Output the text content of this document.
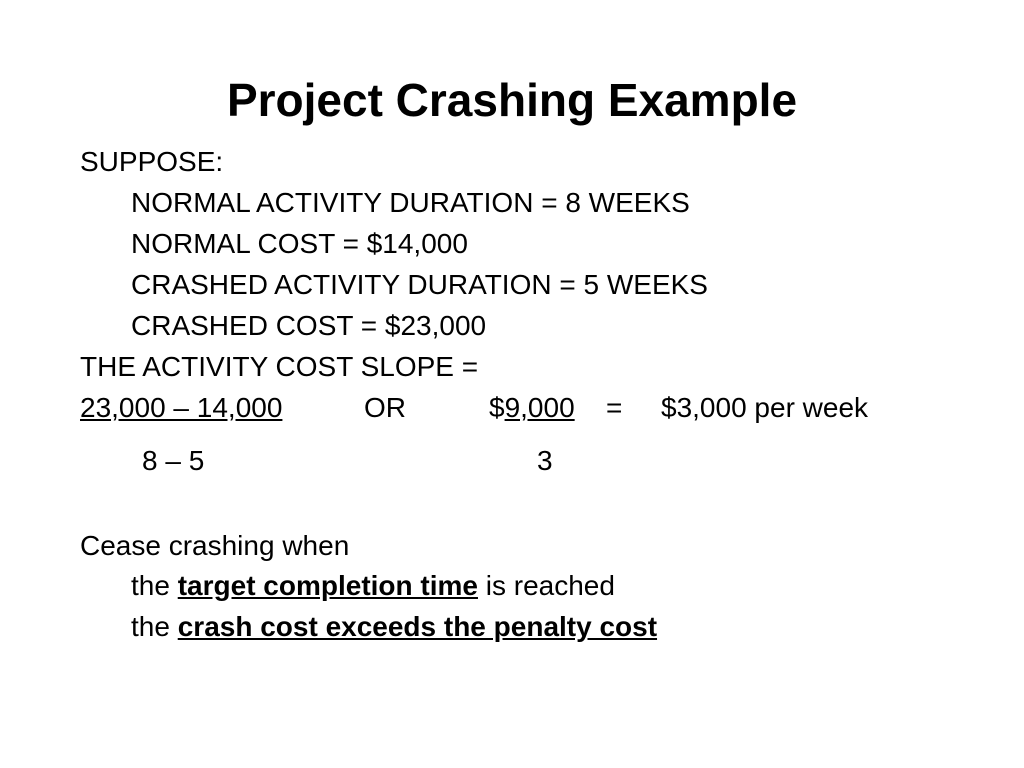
Project Crashing Example
SUPPOSE:
NORMAL ACTIVITY DURATION = 8 WEEKS
NORMAL COST = $14,000
CRASHED ACTIVITY DURATION = 5 WEEKS
CRASHED COST = $23,000
THE ACTIVITY COST SLOPE =
23,000 – 14,000	OR	$9,000 = $3,000 per week
8 – 5	3
Cease crashing when
the target completion time is reached
the crash cost exceeds the penalty cost
